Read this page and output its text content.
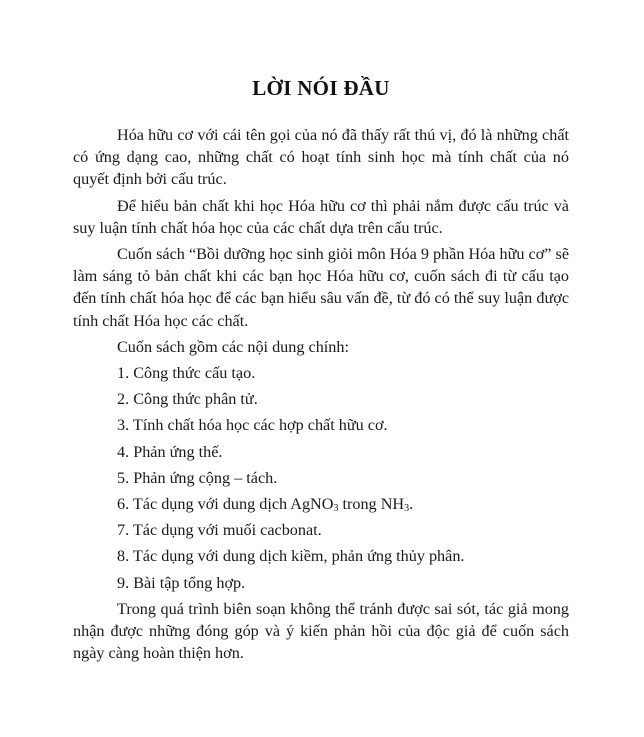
LỜI NÓI ĐẦU

Hóa hữu cơ với cái tên gọi của nó đã thấy rất thú vị, đó là những chất có ứng dạng cao, những chất có hoạt tính sinh học mà tính chất của nó quyết định bởi cấu trúc.

Để hiểu bản chất khi học Hóa hữu cơ thì phải nắm được cấu trúc và suy luận tính chất hóa học của các chất dựa trên cấu trúc.

Cuốn sách “Bồi dưỡng học sinh giỏi môn Hóa 9 phần Hóa hữu cơ” sẽ làm sáng tỏ bản chất khi các bạn học Hóa hữu cơ, cuốn sách đi từ cấu tạo đến tính chất hóa học để các bạn hiểu sâu vấn đề, từ đó có thể suy luận được tính chất Hóa học các chất.

Cuốn sách gồm các nội dung chính:

1. Công thức cấu tạo.

2. Công thức phân tử.

3. Tính chất hóa học các hợp chất hữu cơ.

4. Phản ứng thế.

5. Phản ứng cộng – tách.

6. Tác dụng với dung dịch AgNO$_3$ trong $NH_3$.

7. Tác dụng với muối cacbonat.

8. Tác dụng với dung dịch kiềm, phản ứng thủy phân.

9. Bài tập tổng hợp.

Trong quá trình biên soạn không thể tránh được sai sót, tác giả mong nhận được những đóng góp và ý kiến phản hồi của độc giả để cuốn sách ngày càng hoàn thiện hơn.
